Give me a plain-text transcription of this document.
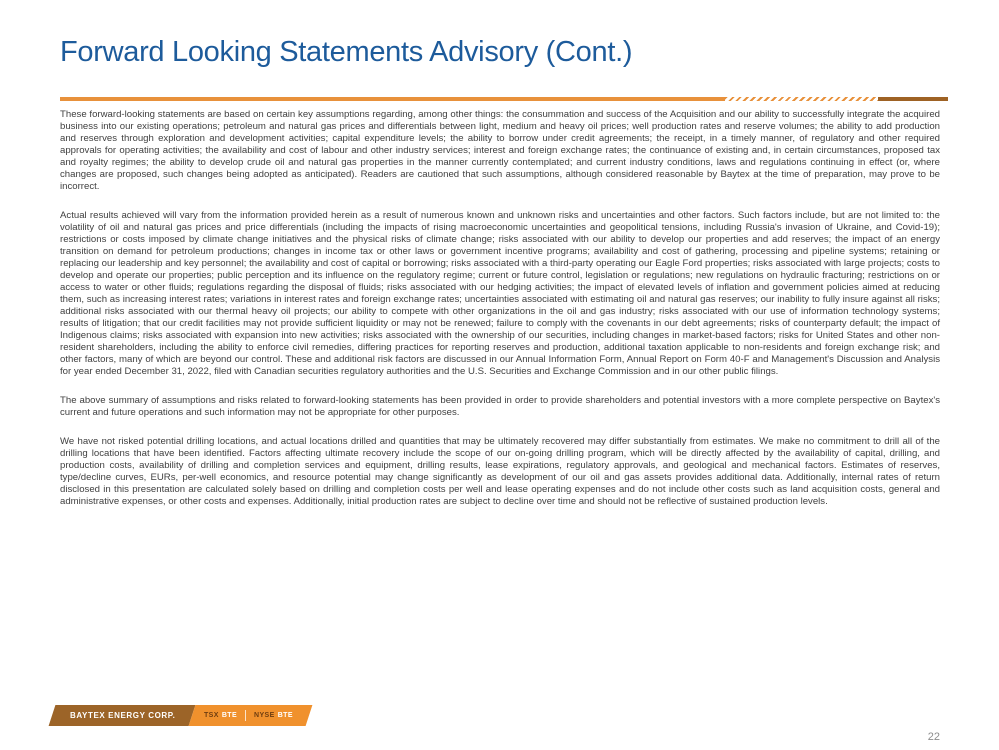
Forward Looking Statements Advisory (Cont.)

These forward-looking statements are based on certain key assumptions regarding, among other things: the consummation and success of the Acquisition and our ability to successfully integrate the acquired business into our existing operations; petroleum and natural gas prices and differentials between light, medium and heavy oil prices; well production rates and reserve volumes; the ability to add production and reserves through exploration and development activities; capital expenditure levels; the ability to borrow under credit agreements; the receipt, in a timely manner, of regulatory and other required approvals for operating activities; the availability and cost of labour and other industry services; interest and foreign exchange rates; the continuance of existing and, in certain circumstances, proposed tax and royalty regimes; the ability to develop crude oil and natural gas properties in the manner currently contemplated; and current industry conditions, laws and regulations continuing in effect (or, where changes are proposed, such changes being adopted as anticipated). Readers are cautioned that such assumptions, although considered reasonable by Baytex at the time of preparation, may prove to be incorrect.

Actual results achieved will vary from the information provided herein as a result of numerous known and unknown risks and uncertainties and other factors. Such factors include, but are not limited to: the volatility of oil and natural gas prices and price differentials (including the impacts of rising macroeconomic uncertainties and geopolitical tensions, including Russia's invasion of Ukraine, and Covid-19); restrictions or costs imposed by climate change initiatives and the physical risks of climate change; risks associated with our ability to develop our properties and add reserves; the impact of an energy transition on demand for petroleum productions; changes in income tax or other laws or government incentive programs; availability and cost of gathering, processing and pipeline systems; retaining or replacing our leadership and key personnel; the availability and cost of capital or borrowing; risks associated with a third-party operating our Eagle Ford properties; risks associated with large projects; costs to develop and operate our properties; public perception and its influence on the regulatory regime; current or future control, legislation or regulations; new regulations on hydraulic fracturing; restrictions on or access to water or other fluids; regulations regarding the disposal of fluids; risks associated with our hedging activities; the impact of elevated levels of inflation and government policies aimed at reducing them, such as increasing interest rates; variations in interest rates and foreign exchange rates; uncertainties associated with estimating oil and natural gas reserves; our inability to fully insure against all risks; additional risks associated with our thermal heavy oil projects; our ability to compete with other organizations in the oil and gas industry; risks associated with our use of information technology systems; results of litigation; that our credit facilities may not provide sufficient liquidity or may not be renewed; failure to comply with the covenants in our debt agreements; risks of counterparty default; the impact of Indigenous claims; risks associated with expansion into new activities; risks associated with the ownership of our securities, including changes in market-based factors; risks for United States and other non-resident shareholders, including the ability to enforce civil remedies, differing practices for reporting reserves and production, additional taxation applicable to non-residents and foreign exchange risk; and other factors, many of which are beyond our control. These and additional risk factors are discussed in our Annual Information Form, Annual Report on Form 40-F and Management's Discussion and Analysis for year ended December 31, 2022, filed with Canadian securities regulatory authorities and the U.S. Securities and Exchange Commission and in our other public filings.

The above summary of assumptions and risks related to forward-looking statements has been provided in order to provide shareholders and potential investors with a more complete perspective on Baytex's current and future operations and such information may not be appropriate for other purposes.

We have not risked potential drilling locations, and actual locations drilled and quantities that may be ultimately recovered may differ substantially from estimates. We make no commitment to drill all of the drilling locations that have been identified. Factors affecting ultimate recovery include the scope of our on-going drilling program, which will be directly affected by the availability of capital, drilling, and production costs, availability of drilling and completion services and equipment, drilling results, lease expirations, regulatory approvals, and geological and mechanical factors. Estimates of reserves, type/decline curves, EURs, per-well economics, and resource potential may change significantly as development of our oil and gas assets provides additional data. Additionally, internal rates of return disclosed in this presentation are calculated solely based on drilling and completion costs per well and lease operating expenses and do not include other costs such as land acquisition costs, general and administrative expenses, or other costs and expenses. Additionally, initial production rates are subject to decline over time and should not be reflective of sustained production levels.

BAYTEX ENERGY CORP.	TSX BTE NYSE BTE
22
